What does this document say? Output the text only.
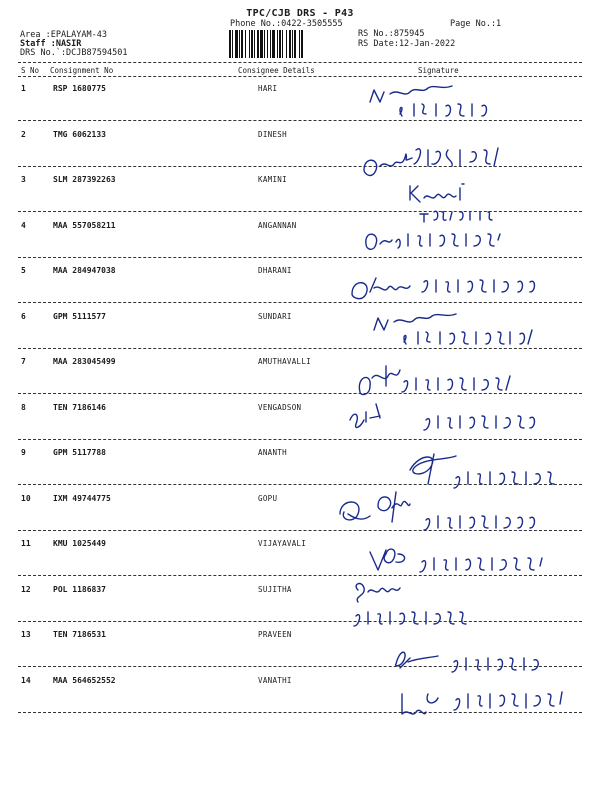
TPC/CJB DRS - P43
Phone No.:0422-3505555	Page No.:1
Area :EPALAYAM-43
Staff :NASIR
DRS No.`:DCJB87594501
RS No.:875945
RS Date:12-Jan-2022
S No Consignment No	Consignee Details	Signature
1	RSP 1680775	HARI
2	TMG 6062133	DINESH
3	SLM 287392263	KAMINI
4	MAA 557058211	ANGANNAN
5	MAA 284947038	DHARANI
6	GPM 5111577	SUNDARI
7	MAA 283045499	AMUTHAVALLI
8	TEN 7186146	VENGADSON
9	GPM 5117788	ANANTH
10	IXM 49744775	GOPU
11	KMU 1025449	VIJAYAVALI
12	POL 1186837	SUJITHA
13	TEN 7186531	PRAVEEN
14	MAA 564652552	VANATHI
